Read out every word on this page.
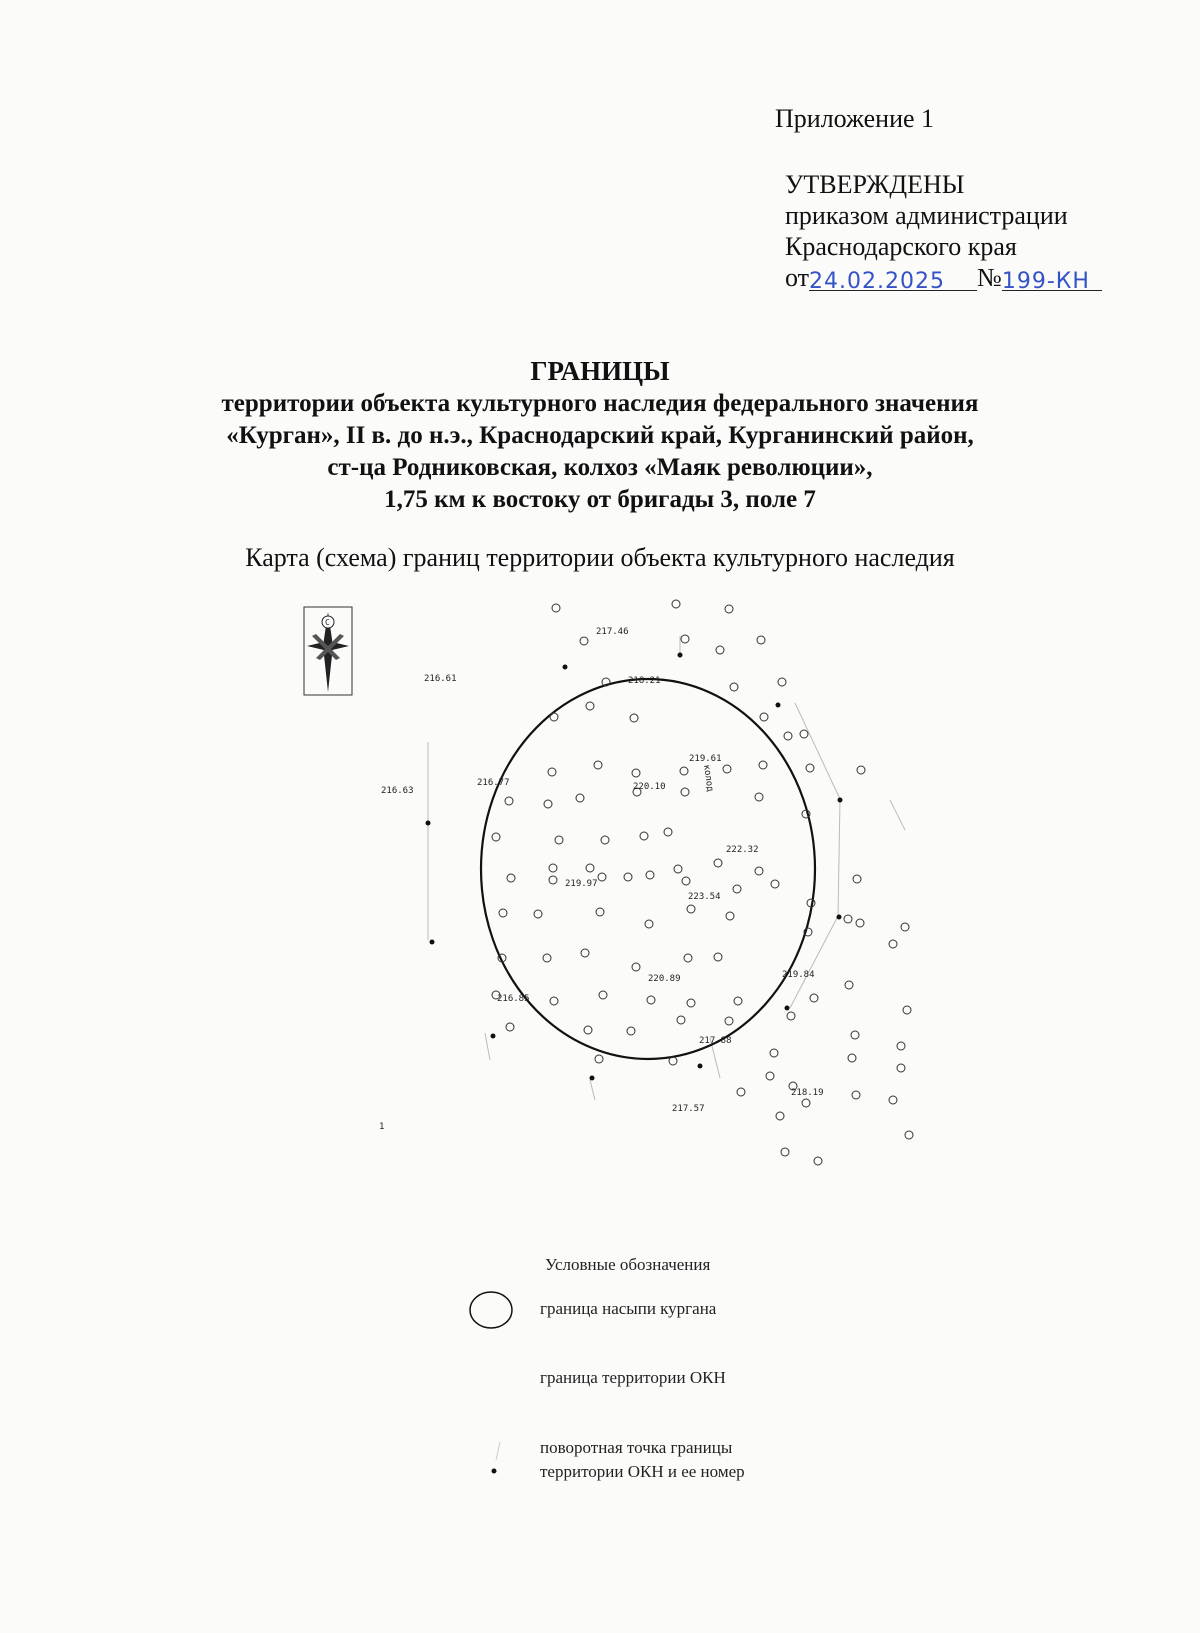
Приложение 1
УТВЕРЖДЕНЫ
приказом администрации
Краснодарского края
от24.02.2025 №199-КН
ГРАНИЦЫ
территории объекта культурного наследия федерального значения
«Курган», II в. до н.э., Краснодарский край, Курганинский район,
ст-ца Родниковская, колхоз «Маяк революции»,
1,75 км к востоку от бригады 3, поле 7
Карта (схема) границ территории объекта культурного наследия
С
217.46
216.61	218.21
216.63
216.77	220.10
219.61
222.32
219.97
223.54
220.89	219.84
216.85
217.88
218.19
217.57
1
колод
Условные обозначения
граница насыпи кургана
граница территории ОКН
поворотная точка границы
территории ОКН и ее номер
